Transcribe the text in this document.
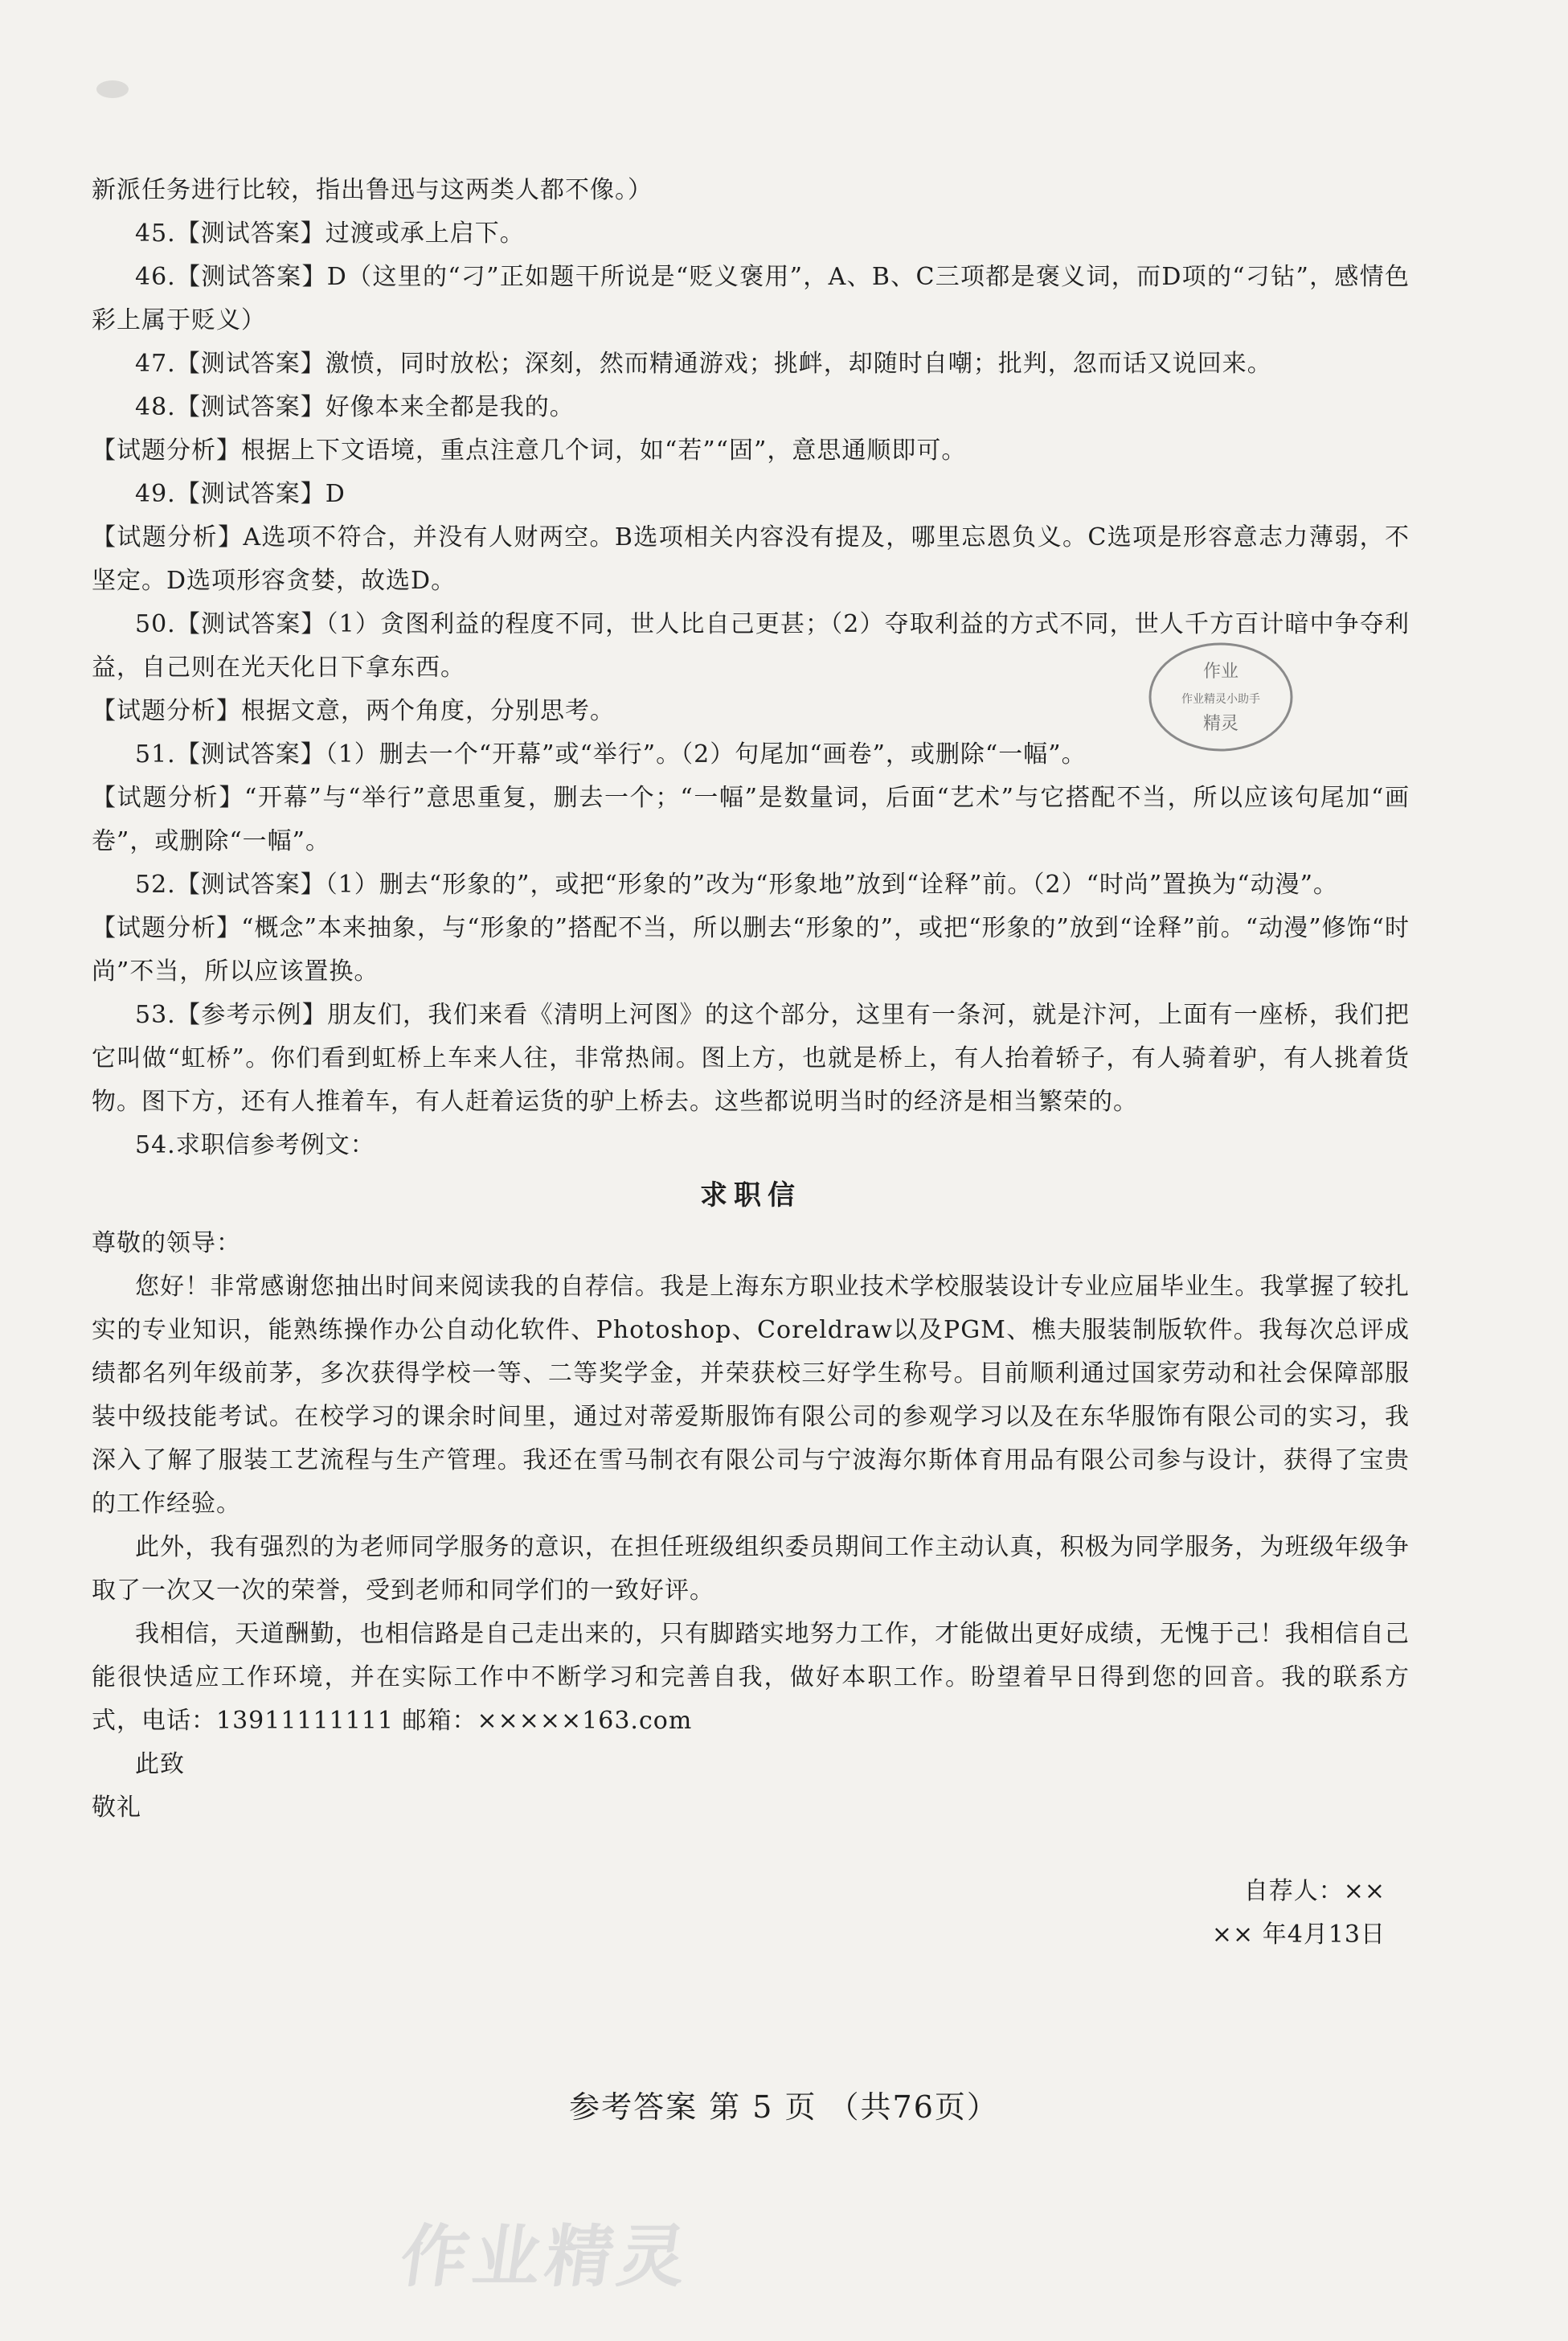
新派任务进行比较，指出鲁迅与这两类人都不像。）

45.【测试答案】过渡或承上启下。

46.【测试答案】D（这里的“刁”正如题干所说是“贬义褒用”，A、B、C三项都是褒义词，而D项的“刁钻”，感情色彩上属于贬义）

47.【测试答案】激愤，同时放松；深刻，然而精通游戏；挑衅，却随时自嘲；批判，忽而话又说回来。

48.【测试答案】好像本来全都是我的。

【试题分析】根据上下文语境，重点注意几个词，如“若”“固”，意思通顺即可。

49.【测试答案】D

【试题分析】A选项不符合，并没有人财两空。B选项相关内容没有提及，哪里忘恩负义。C选项是形容意志力薄弱，不坚定。D选项形容贪婪，故选D。

50.【测试答案】（1）贪图利益的程度不同，世人比自己更甚；（2）夺取利益的方式不同，世人千方百计暗中争夺利益，自己则在光天化日下拿东西。

【试题分析】根据文意，两个角度，分别思考。

51.【测试答案】（1）删去一个“开幕”或“举行”。（2）句尾加“画卷”，或删除“一幅”。

【试题分析】“开幕”与“举行”意思重复，删去一个；“一幅”是数量词，后面“艺术”与它搭配不当，所以应该句尾加“画卷”，或删除“一幅”。

52.【测试答案】（1）删去“形象的”，或把“形象的”改为“形象地”放到“诠释”前。（2）“时尚”置换为“动漫”。

【试题分析】“概念”本来抽象，与“形象的”搭配不当，所以删去“形象的”，或把“形象的”放到“诠释”前。“动漫”修饰“时尚”不当，所以应该置换。

53.【参考示例】朋友们，我们来看《清明上河图》的这个部分，这里有一条河，就是汴河，上面有一座桥，我们把它叫做“虹桥”。你们看到虹桥上车来人往，非常热闹。图上方，也就是桥上，有人抬着轿子，有人骑着驴，有人挑着货物。图下方，还有人推着车，有人赶着运货的驴上桥去。这些都说明当时的经济是相当繁荣的。

54.求职信参考例文：

求职信

尊敬的领导：

您好！非常感谢您抽出时间来阅读我的自荐信。我是上海东方职业技术学校服装设计专业应届毕业生。我掌握了较扎实的专业知识，能熟练操作办公自动化软件、Photoshop、Coreldraw以及PGM、樵夫服装制版软件。我每次总评成绩都名列年级前茅，多次获得学校一等、二等奖学金，并荣获校三好学生称号。目前顺利通过国家劳动和社会保障部服装中级技能考试。在校学习的课余时间里，通过对蒂爱斯服饰有限公司的参观学习以及在东华服饰有限公司的实习，我深入了解了服装工艺流程与生产管理。我还在雪马制衣有限公司与宁波海尔斯体育用品有限公司参与设计，获得了宝贵的工作经验。

此外，我有强烈的为老师同学服务的意识，在担任班级组织委员期间工作主动认真，积极为同学服务，为班级年级争取了一次又一次的荣誉，受到老师和同学们的一致好评。

我相信，天道酬勤，也相信路是自己走出来的，只有脚踏实地努力工作，才能做出更好成绩，无愧于己！我相信自己能很快适应工作环境，并在实际工作中不断学习和完善自我，做好本职工作。盼望着早日得到您的回音。我的联系方式，电话：13911111111 邮箱：×××××163.com

此致

敬礼

自荐人：××

×× 年4月13日

作业
作业精灵小助手
精灵
参考答案 第 5 页 （共76页）
作业精灵
